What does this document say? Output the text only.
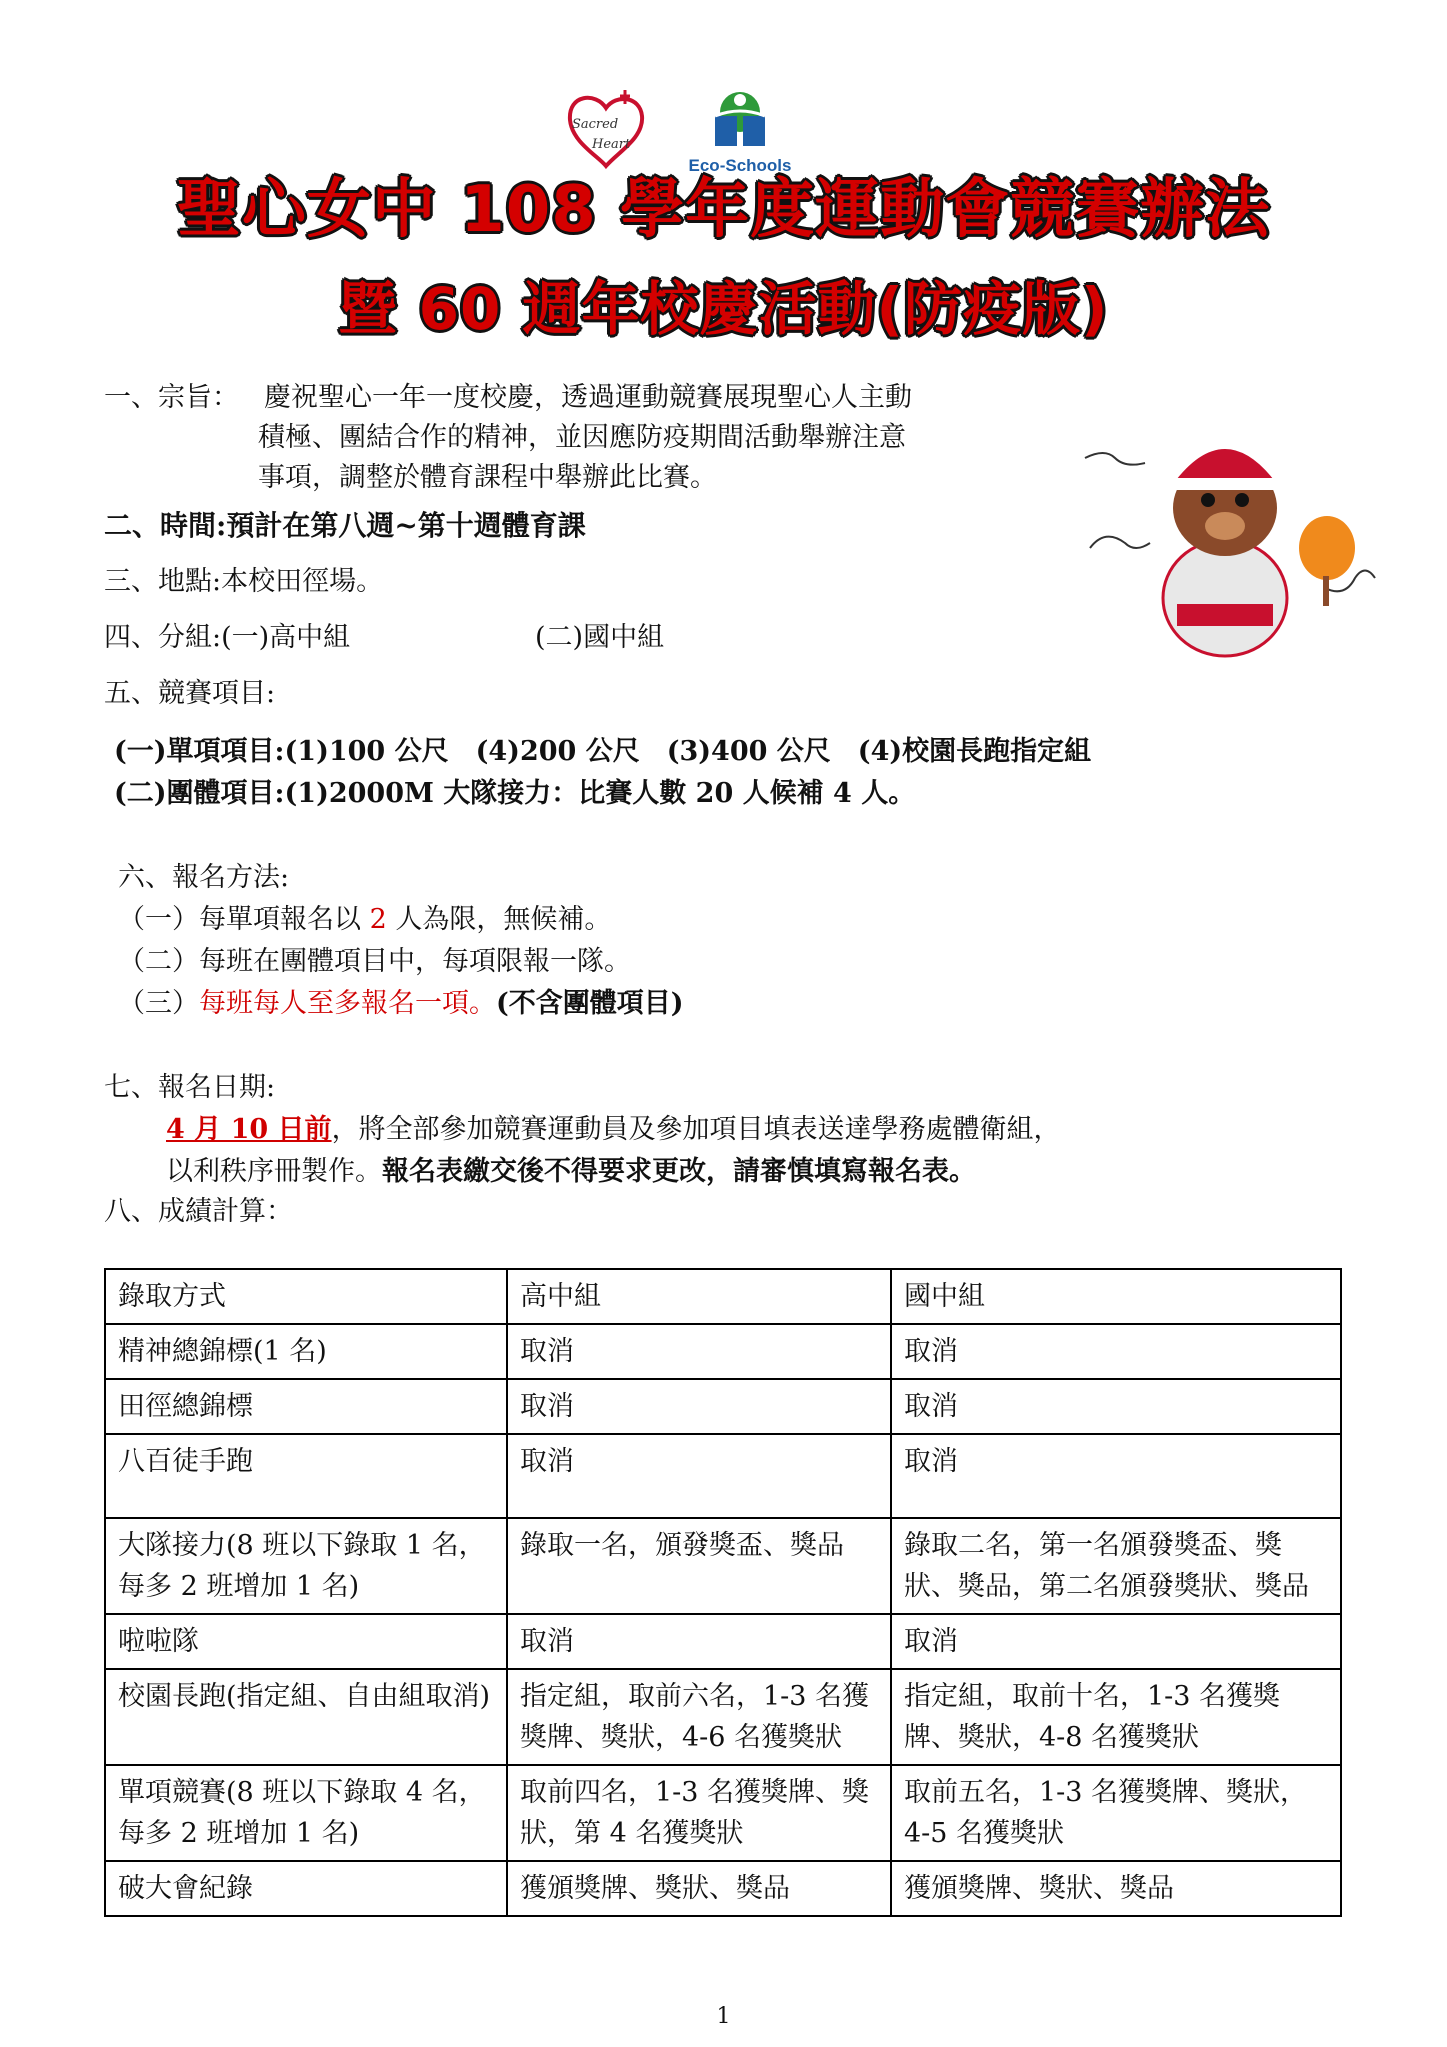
Sacred
Heart
Eco-Schools
聖心女中 108 學年度運動會競賽辦法
暨 60 週年校慶活動(防疫版)
一、宗旨： 慶祝聖心一年一度校慶，透過運動競賽展現聖心人主動
積極、團結合作的精神，並因應防疫期間活動舉辦注意
事項，調整於體育課程中舉辦此比賽。
二、時間:預計在第八週~第十週體育課
三、地點:本校田徑場。
四、分組:(一)高中組	(二)國中組
五、競賽項目:
(一)單項項目:(1)100 公尺　(4)200 公尺　(3)400 公尺　(4)校園長跑指定組
(二)團體項目:(1)2000M 大隊接力：比賽人數 20 人候補 4 人。
六、報名方法:
（一）每單項報名以 2 人為限，無候補。
（二）每班在團體項目中，每項限報一隊。
（三）每班每人至多報名一項。(不含團體項目)
七、報名日期:
4 月 10 日前，將全部參加競賽運動員及參加項目填表送達學務處體衛組，
以利秩序冊製作。報名表繳交後不得要求更改，請審慎填寫報名表。
八、成績計算：
錄取方式	高中組	國中組
精神總錦標(1 名)	取消	取消
田徑總錦標	取消	取消
八百徒手跑	取消	取消
大隊接力(8 班以下錄取 1 名，每多 2 班增加 1 名)	錄取一名，頒發獎盃、獎品	錄取二名，第一名頒發獎盃、獎狀、獎品，第二名頒發獎狀、獎品
啦啦隊	取消	取消
校園長跑(指定組、自由組取消)	指定組，取前六名，1-3 名獲獎牌、獎狀，4-6 名獲獎狀	指定組，取前十名，1-3 名獲獎牌、獎狀，4-8 名獲獎狀
單項競賽(8 班以下錄取 4 名，每多 2 班增加 1 名)	取前四名，1-3 名獲獎牌、獎狀，第 4 名獲獎狀	取前五名，1-3 名獲獎牌、獎狀，4-5 名獲獎狀
破大會紀錄	獲頒獎牌、獎狀、獎品	獲頒獎牌、獎狀、獎品
1
